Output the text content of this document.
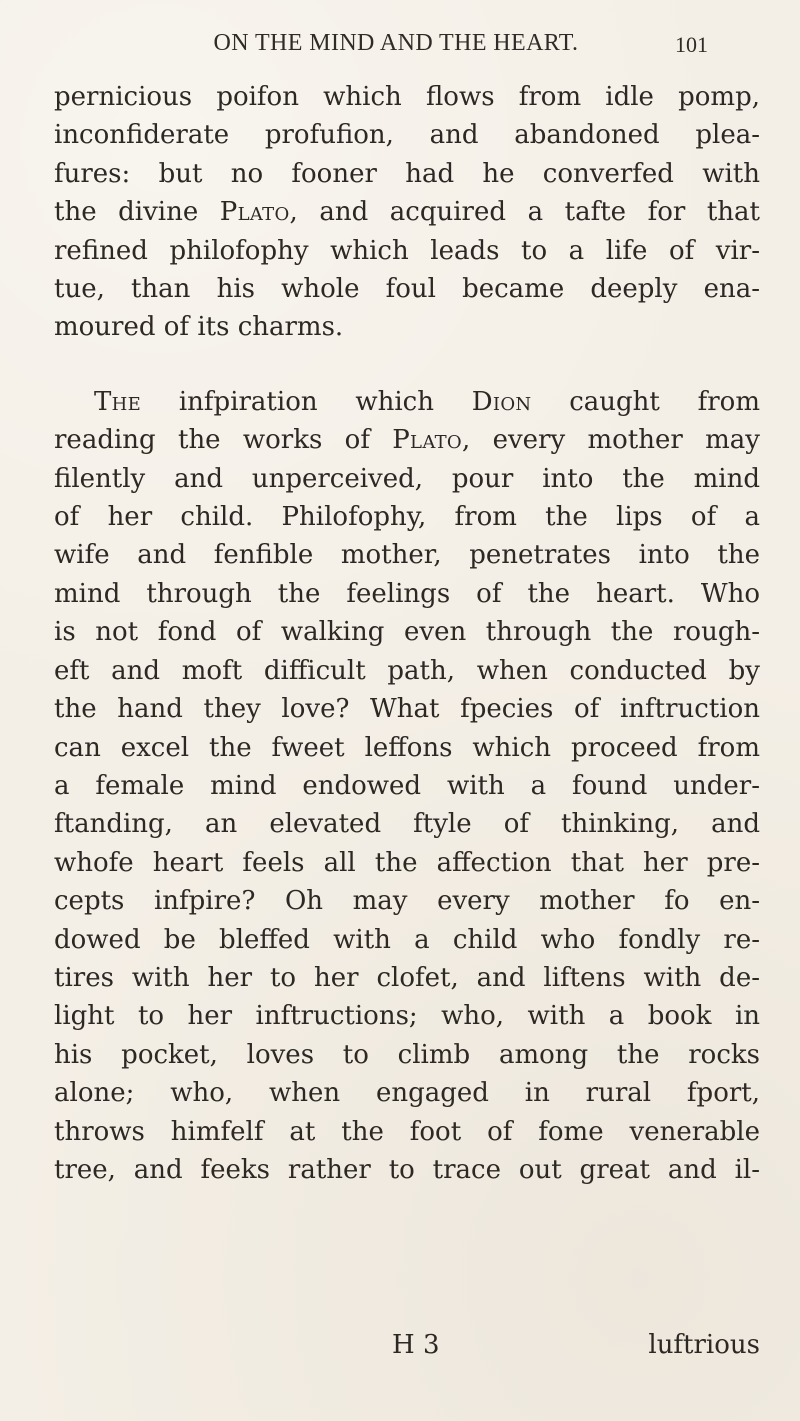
ON THE MIND AND THE HEART.	101
pernicious poifon which flows from idle pomp,
inconfiderate profufion, and abandoned plea-
fures: but no fooner had he converfed with
the divine Plato, and acquired a tafte for that
refined philofophy which leads to a life of vir-
tue, than his whole foul became deeply ena-
moured of its charms.
The infpiration which Dion caught from
reading the works of Plato, every mother may
filently and unperceived, pour into the mind
of her child. Philofophy, from the lips of a
wife and fenfible mother, penetrates into the
mind through the feelings of the heart. Who
is not fond of walking even through the rough-
eft and moft difficult path, when conducted by
the hand they love? What fpecies of inftruction
can excel the fweet leffons which proceed from
a female mind endowed with a found under-
ftanding, an elevated ftyle of thinking, and
whofe heart feels all the affection that her pre-
cepts infpire? Oh may every mother fo en-
dowed be bleffed with a child who fondly re-
tires with her to her clofet, and liftens with de-
light to her inftructions; who, with a book in
his pocket, loves to climb among the rocks
alone; who, when engaged in rural fport,
throws himfelf at the foot of fome venerable
tree, and feeks rather to trace out great and il-
H 3	luftrious
